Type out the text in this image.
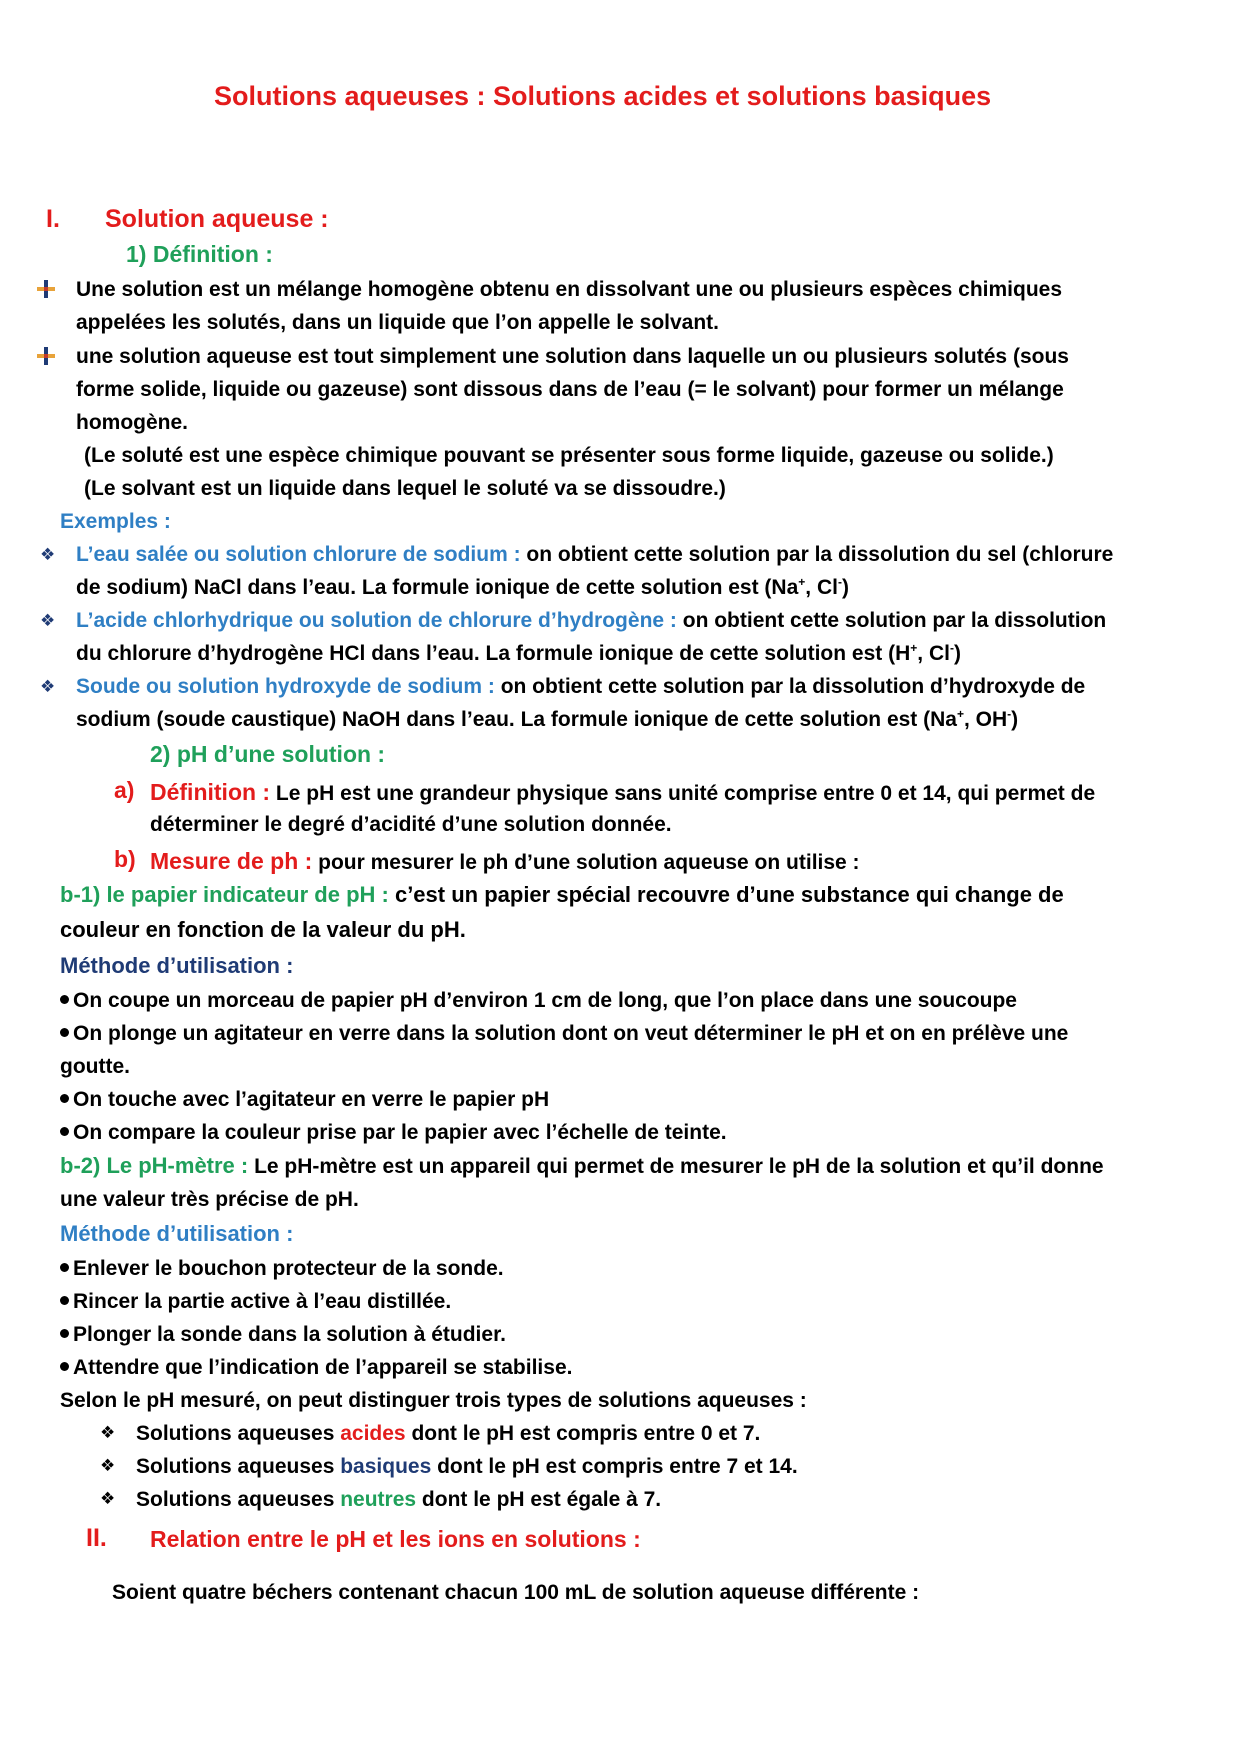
Solutions aqueuses : Solutions acides et solutions basiques
I. Solution aqueuse :
1) Définition :
Une solution est un mélange homogène obtenu en dissolvant une ou plusieurs espèces chimiques
appelées les solutés, dans un liquide que l’on appelle le solvant.
une solution aqueuse est tout simplement une solution dans laquelle un ou plusieurs solutés (sous
forme solide, liquide ou gazeuse) sont dissous dans de l’eau (= le solvant) pour former un mélange
homogène.
(Le soluté est une espèce chimique pouvant se présenter sous forme liquide, gazeuse ou solide.)
(Le solvant est un liquide dans lequel le soluté va se dissoudre.)
Exemples :
❖ L’eau salée ou solution chlorure de sodium : on obtient cette solution par la dissolution du sel (chlorure
de sodium) NaCl dans l’eau. La formule ionique de cette solution est (Na+, Cl-)
❖ L’acide chlorhydrique ou solution de chlorure d’hydrogène : on obtient cette solution par la dissolution
du chlorure d’hydrogène HCl dans l’eau. La formule ionique de cette solution est (H+, Cl-)
❖ Soude ou solution hydroxyde de sodium : on obtient cette solution par la dissolution d’hydroxyde de
sodium (soude caustique) NaOH dans l’eau. La formule ionique de cette solution est (Na+, OH-)
2) pH d’une solution :
a) Définition : Le pH est une grandeur physique sans unité comprise entre 0 et 14, qui permet de
déterminer le degré d’acidité d’une solution donnée.
b) Mesure de ph : pour mesurer le ph d’une solution aqueuse on utilise :
b-1) le papier indicateur de pH : c’est un papier spécial recouvre d’une substance qui change de
couleur en fonction de la valeur du pH.
Méthode d’utilisation :
On coupe un morceau de papier pH d’environ 1 cm de long, que l’on place dans une soucoupe
On plonge un agitateur en verre dans la solution dont on veut déterminer le pH et on en prélève une
goutte.
On touche avec l’agitateur en verre le papier pH
On compare la couleur prise par le papier avec l’échelle de teinte.
b-2) Le pH-mètre : Le pH-mètre est un appareil qui permet de mesurer le pH de la solution et qu’il donne
une valeur très précise de pH.
Méthode d’utilisation :
Enlever le bouchon protecteur de la sonde.
Rincer la partie active à l’eau distillée.
Plonger la sonde dans la solution à étudier.
Attendre que l’indication de l’appareil se stabilise.
Selon le pH mesuré, on peut distinguer trois types de solutions aqueuses :
❖ Solutions aqueuses acides dont le pH est compris entre 0 et 7.
❖ Solutions aqueuses basiques dont le pH est compris entre 7 et 14.
❖ Solutions aqueuses neutres dont le pH est égale à 7.
II. Relation entre le pH et les ions en solutions :
Soient quatre béchers contenant chacun 100 mL de solution aqueuse différente :
